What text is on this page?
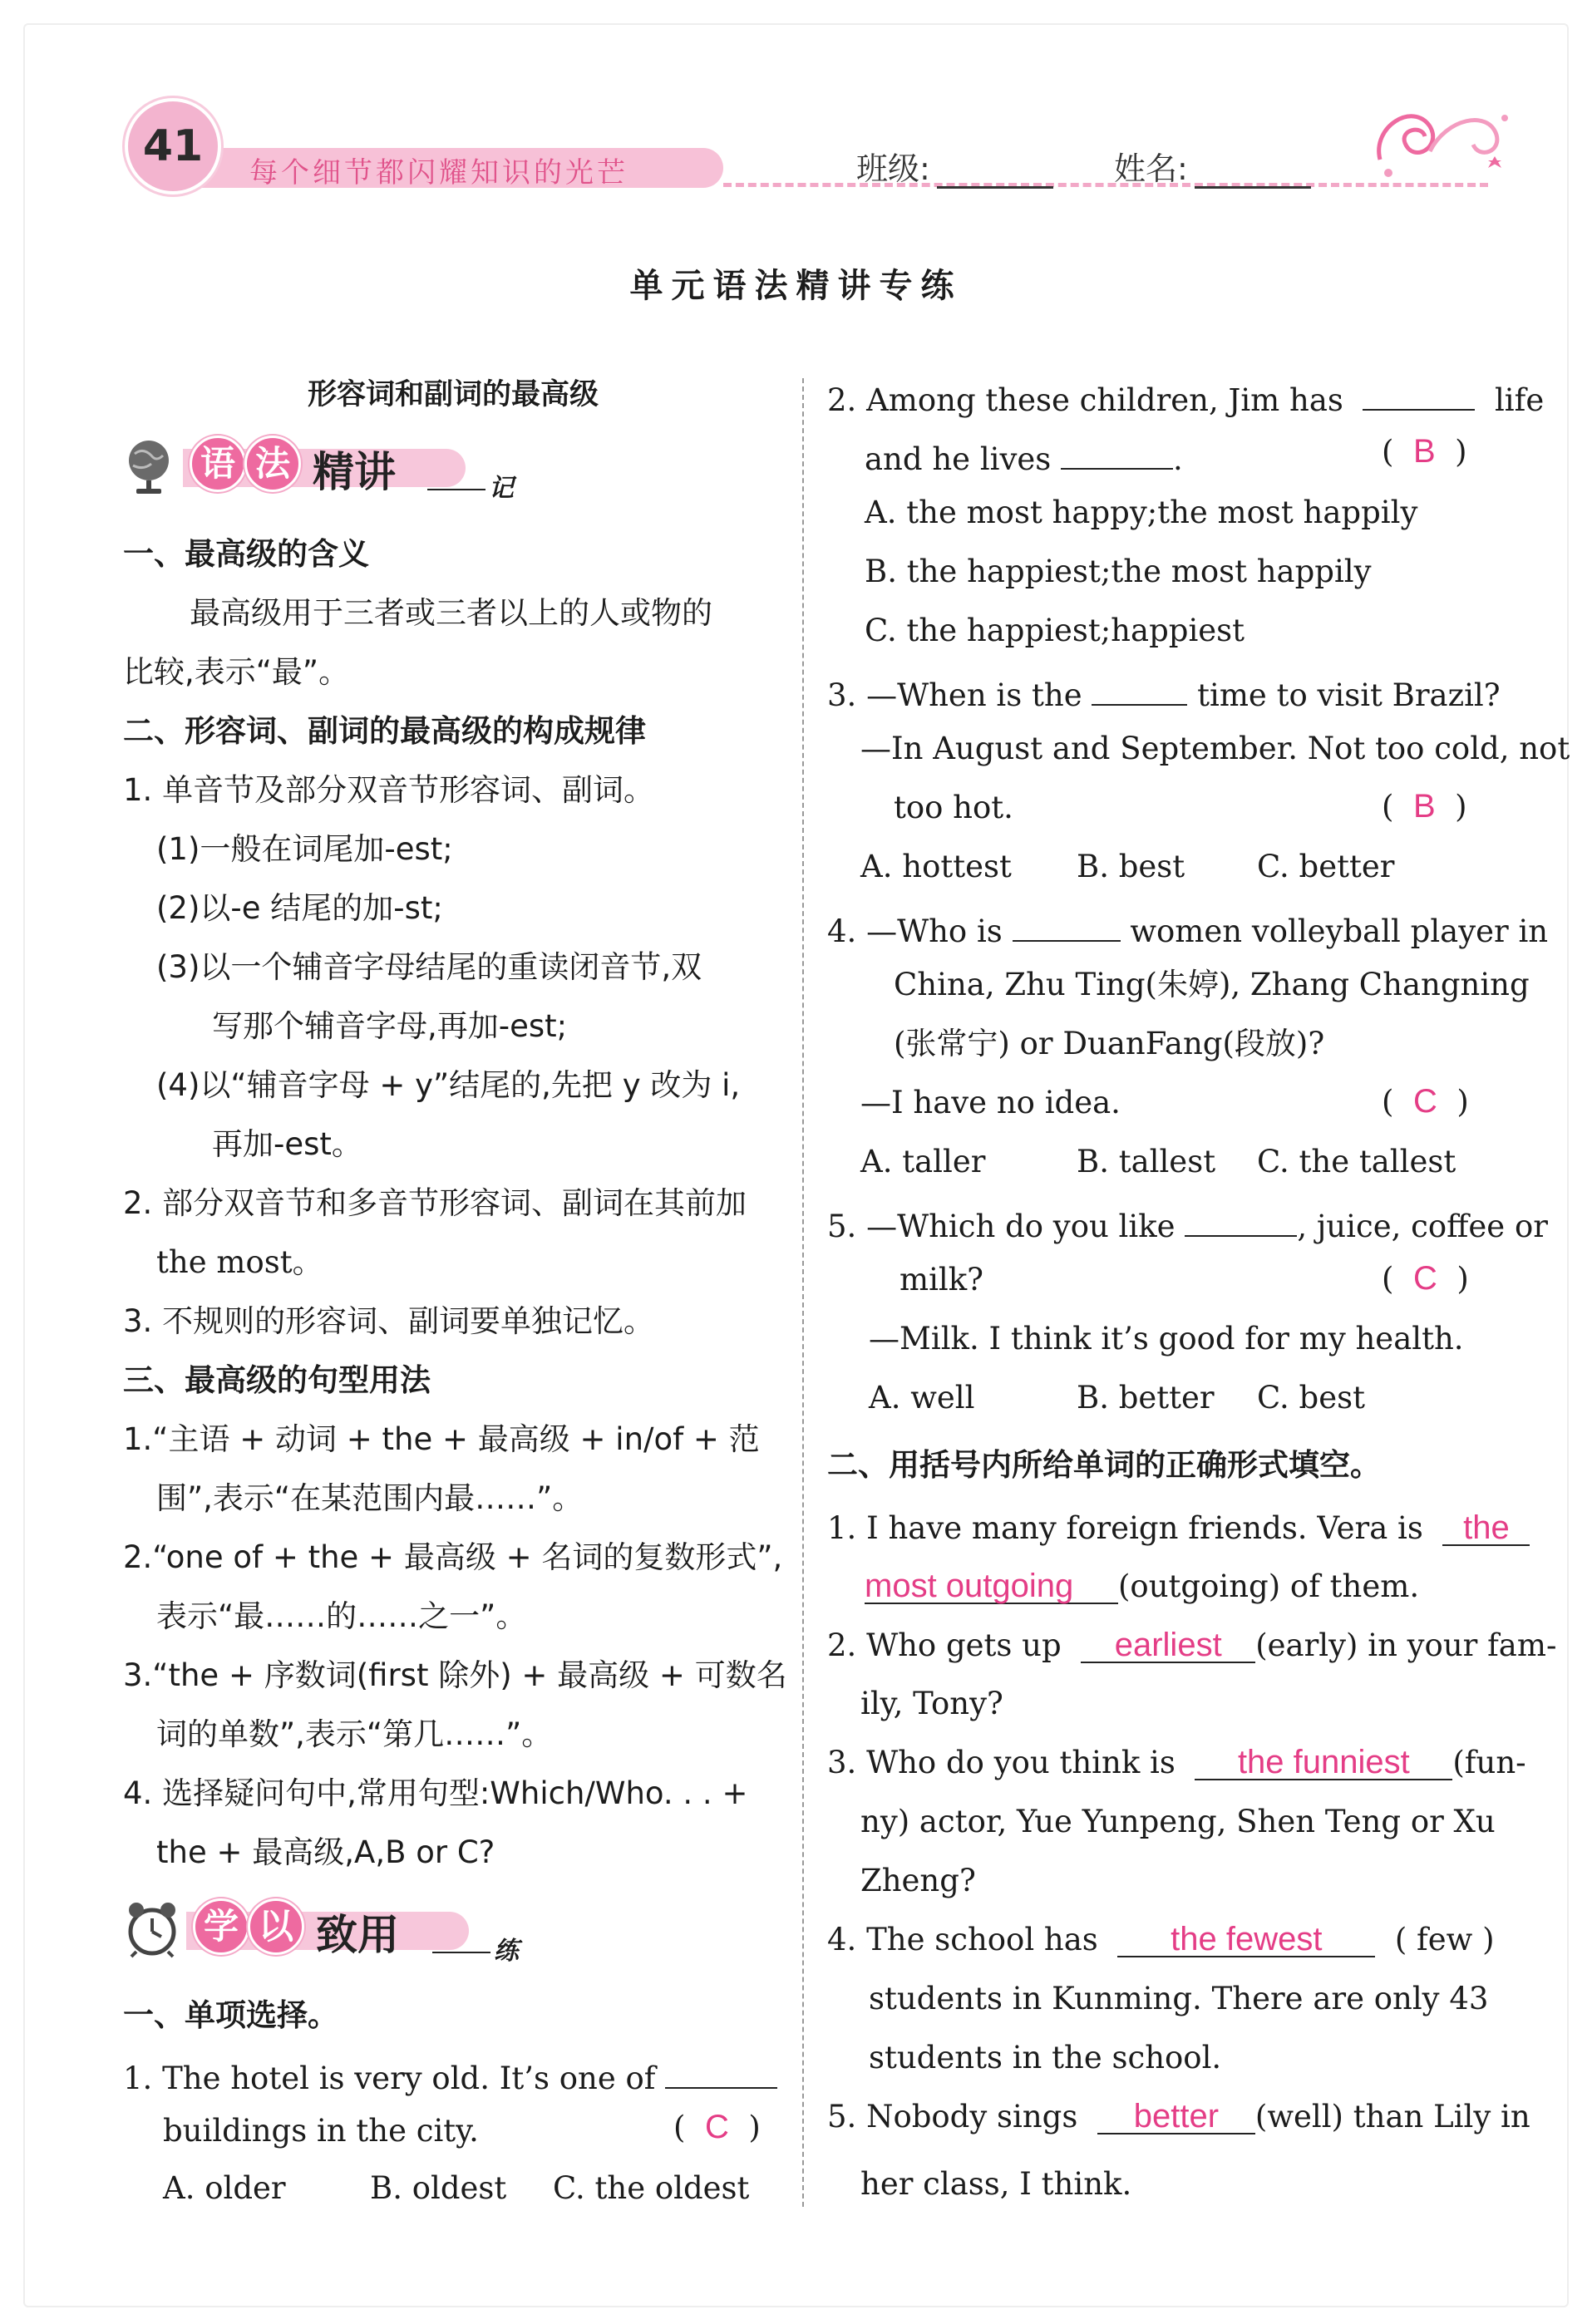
41
每个细节都闪耀知识的光芒	班级:	姓名:
单元语法精讲专练
形容词和副词的最高级
语 法 精讲	记
一、最高级的含义
最高级用于三者或三者以上的人或物的
比较,表示“最”。
二、形容词、副词的最高级的构成规律
1. 单音节及部分双音节形容词、副词。
(1)一般在词尾加-est;
(2)以-e 结尾的加-st;
(3)以一个辅音字母结尾的重读闭音节,双
写那个辅音字母,再加-est;
(4)以“辅音字母 + y”结尾的,先把 y 改为 i,
再加-est。
2. 部分双音节和多音节形容词、副词在其前加
the most。
3. 不规则的形容词、副词要单独记忆。
三、最高级的句型用法
1.“主语 + 动词 + the + 最高级 + in/of + 范
围”,表示“在某范围内最……”。
2.“one of + the + 最高级 + 名词的复数形式”,
表示“最……的……之一”。
3.“the + 序数词(first 除外) + 最高级 + 可数名
词的单数”,表示“第几……”。
4. 选择疑问句中,常用句型:Which/Who. . . +
the + 最高级,A,B or C?
学 以 致用	练
一、单项选择。
1. The hotel is very old. It’s one of
buildings in the city.	(  C  )
A. older	B. oldest C. the oldest
2. Among these children, Jim has	life
and he lives	.	(  B  )
A. the most happy;the most happily
B. the happiest;the most happily
C. the happiest;happiest
3. —When is the	time to visit Brazil?
—In August and September. Not too cold, not
too hot.	(  B  )
A. hottest B. best C. better
4. —Who is	women volleyball player in
China, Zhu Ting(朱婷), Zhang Changning
(张常宁) or DuanFang(段放)?
—I have no idea.	(  C  )
A. taller	B. tallest C. the tallest
5. —Which do you like	, juice, coffee or
milk?	(  C  )
—Milk. I think it’s good for my health.
A. well	B. better C. best
二、用括号内所给单词的正确形式填空。
1. I have many foreign friends. Vera is the
most outgoing (outgoing) of them.
2. Who gets up earliest (early) in your fam-
ily, Tony?
3. Who do you think is the funniest (fun-
ny) actor, Yue Yunpeng, Shen Teng or Xu
Zheng?
4. The school has the fewest ( few )
students in Kunming. There are only 43
students in the school.
5. Nobody sings better (well) than Lily in
her class, I think.
